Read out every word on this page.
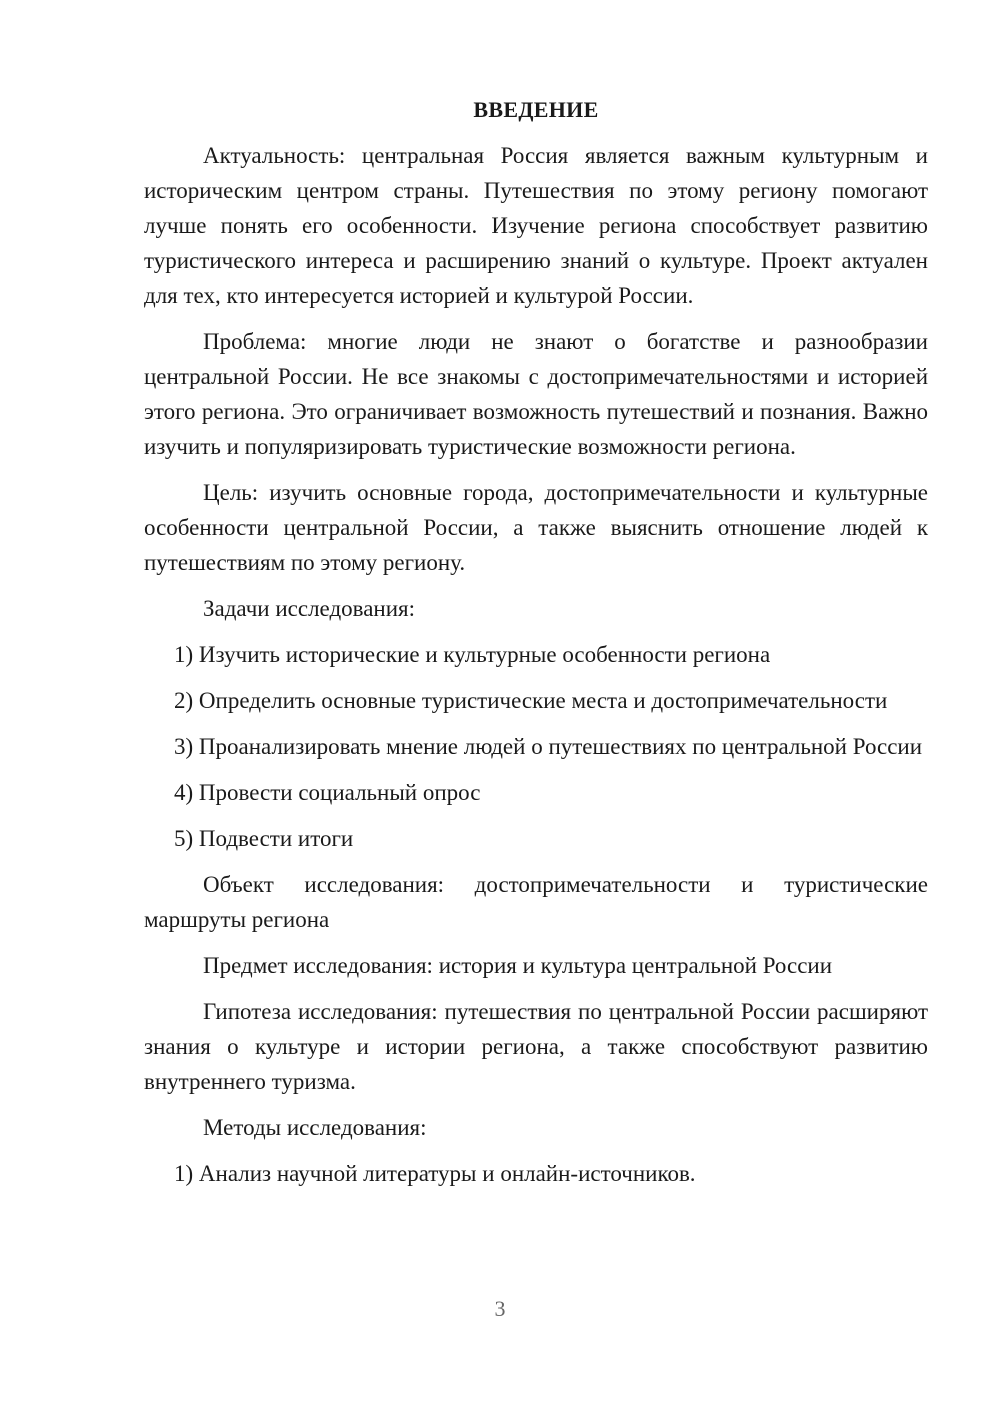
ВВЕДЕНИЕ

Актуальность: центральная Россия является важным культурным и историческим центром страны. Путешествия по этому региону помогают лучше понять его особенности. Изучение региона способствует развитию туристического интереса и расширению знаний о культуре. Проект актуален для тех, кто интересуется историей и культурой России.

Проблема: многие люди не знают о богатстве и разнообразии центральной России. Не все знакомы с достопримечательностями и историей этого региона. Это ограничивает возможность путешествий и познания. Важно изучить и популяризировать туристические возможности региона.

Цель: изучить основные города, достопримечательности и культурные особенности центральной России, а также выяснить отношение людей к путешествиям по этому региону.

Задачи исследования:

1) Изучить исторические и культурные особенности региона

2) Определить основные туристические места и достопримечательности

3) Проанализировать мнение людей о путешествиях по центральной России

4) Провести социальный опрос

5) Подвести итоги

Объект исследования: достопримечательности и туристические маршруты региона

Предмет исследования: история и культура центральной России

Гипотеза исследования: путешествия по центральной России расширяют знания о культуре и истории региона, а также способствуют развитию внутреннего туризма.

Методы исследования:

1) Анализ научной литературы и онлайн-источников.

3
